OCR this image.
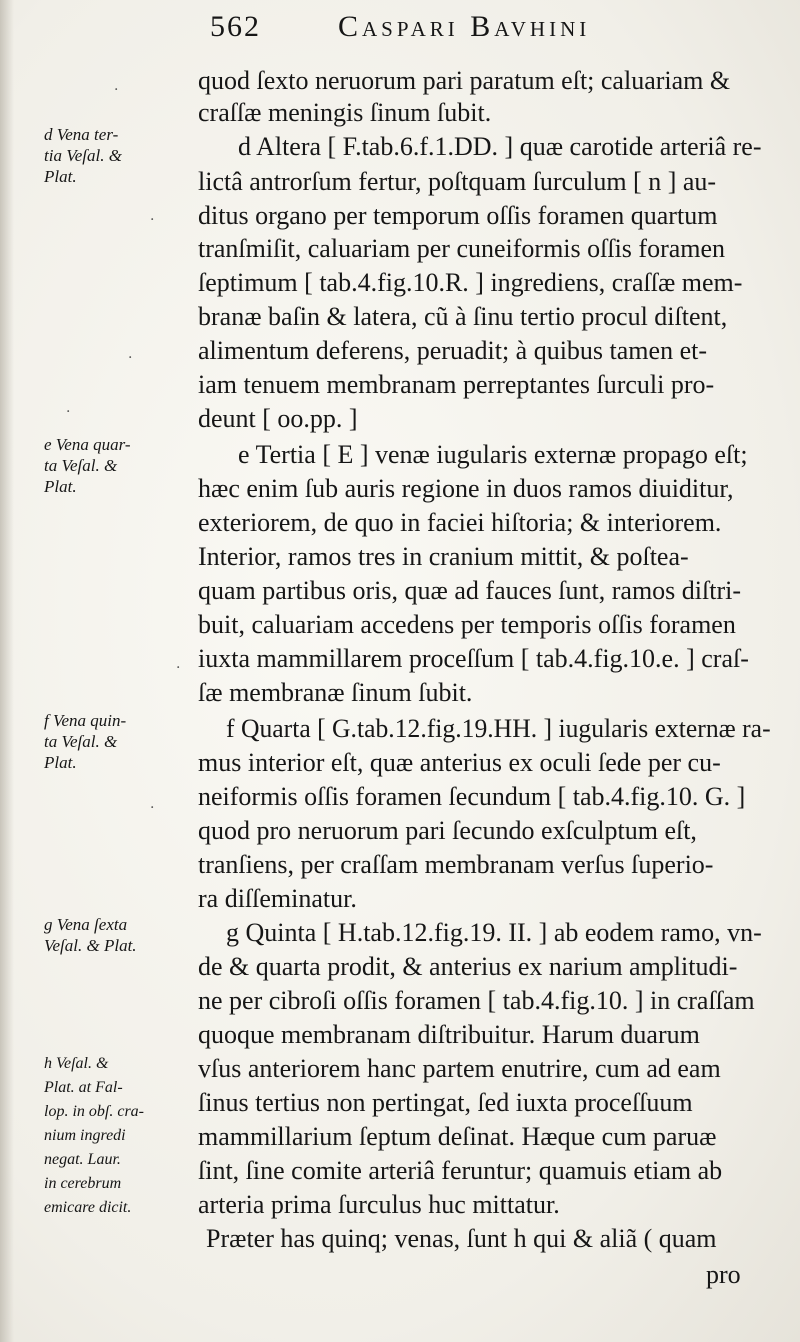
562	Caspari Bavhini
quod ſexto neruorum pari paratum eſt; caluariam &
craſſæ meningis ſinum ſubit.
d Altera [ F.tab.6.f.1.DD. ] quæ carotide arteriâ re-
lictâ antrorſum fertur, poſtquam ſurculum [ n ] au-
ditus organo per temporum oſſis foramen quartum
tranſmiſit, caluariam per cuneiformis oſſis foramen
ſeptimum [ tab.4.fig.10.R. ] ingrediens, craſſæ mem-
branæ baſin & latera, cũ à ſinu tertio procul diſtent,
alimentum deferens, peruadit; à quibus tamen et-
iam tenuem membranam perreptantes ſurculi pro-
deunt [ oo.pp. ]
e Tertia [ E ] venæ iugularis externæ propago eſt;
hæc enim ſub auris regione in duos ramos diuiditur,
exteriorem, de quo in faciei hiſtoria; & interiorem.
Interior, ramos tres in cranium mittit, & poſtea-
quam partibus oris, quæ ad fauces ſunt, ramos diſtri-
buit, caluariam accedens per temporis oſſis foramen
iuxta mammillarem proceſſum [ tab.4.fig.10.e. ] craſ-
ſæ membranæ ſinum ſubit.
f Quarta [ G.tab.12.fig.19.HH. ] iugularis externæ ra-
mus interior eſt, quæ anterius ex oculi ſede per cu-
neiformis oſſis foramen ſecundum [ tab.4.fig.10. G. ]
quod pro neruorum pari ſecundo exſculptum eſt,
tranſiens, per craſſam membranam verſus ſuperio-
ra diſſeminatur.
g Quinta [ H.tab.12.fig.19. II. ] ab eodem ramo, vn-
de & quarta prodit, & anterius ex narium amplitudi-
ne per cibroſi oſſis foramen [ tab.4.fig.10. ] in craſſam
quoque membranam diſtribuitur. Harum duarum
vſus anteriorem hanc partem enutrire, cum ad eam
ſinus tertius non pertingat, ſed iuxta proceſſuum
mammillarium ſeptum deſinat. Hæque cum paruæ
ſint, ſine comite arteriâ feruntur; quamuis etiam ab
arteria prima ſurculus huc mittatur.
Præter has quinq; venas, ſunt h qui & aliã ( quam
pro
d Vena ter-
tia Veſal. &
Plat.
e Vena quar-
ta Veſal. &
Plat.
f Vena quin-
ta Veſal. &
Plat.
g Vena ſexta
Veſal. & Plat.
h Veſal. &
Plat. at Fal-
lop. in obſ. cra-
nium ingredi
negat. Laur.
in cerebrum
emicare dicit.
·
·
·
·
·
·
